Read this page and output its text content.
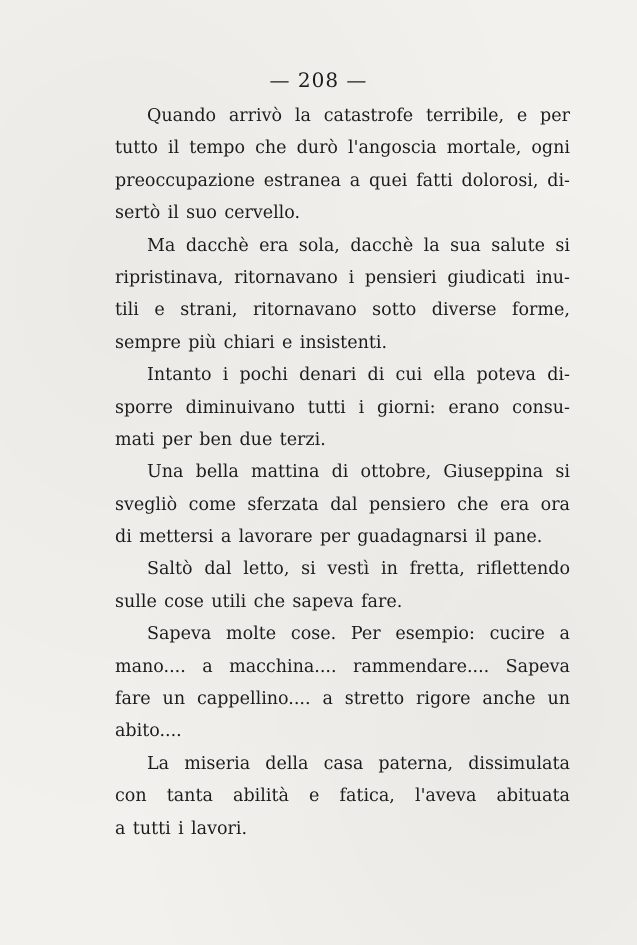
— 208 —
Quando arrivò la catastrofe terribile, e per
tutto il tempo che durò l'angoscia mortale, ogni
preoccupazione estranea a quei fatti dolorosi, di-
sertò il suo cervello.
Ma dacchè era sola, dacchè la sua salute si
ripristinava, ritornavano i pensieri giudicati inu-
tili e strani, ritornavano sotto diverse forme,
sempre più chiari e insistenti.
Intanto i pochi denari di cui ella poteva di-
sporre diminuivano tutti i giorni: erano consu-
mati per ben due terzi.
Una bella mattina di ottobre, Giuseppina si
svegliò come sferzata dal pensiero che era ora
di mettersi a lavorare per guadagnarsi il pane.
Saltò dal letto, si vestì in fretta, riflettendo
sulle cose utili che sapeva fare.
Sapeva molte cose. Per esempio: cucire a
mano.... a macchina.... rammendare.... Sapeva
fare un cappellino.... a stretto rigore anche un
abito....
La miseria della casa paterna, dissimulata
con tanta abilità e fatica, l'aveva abituata
a tutti i lavori.
